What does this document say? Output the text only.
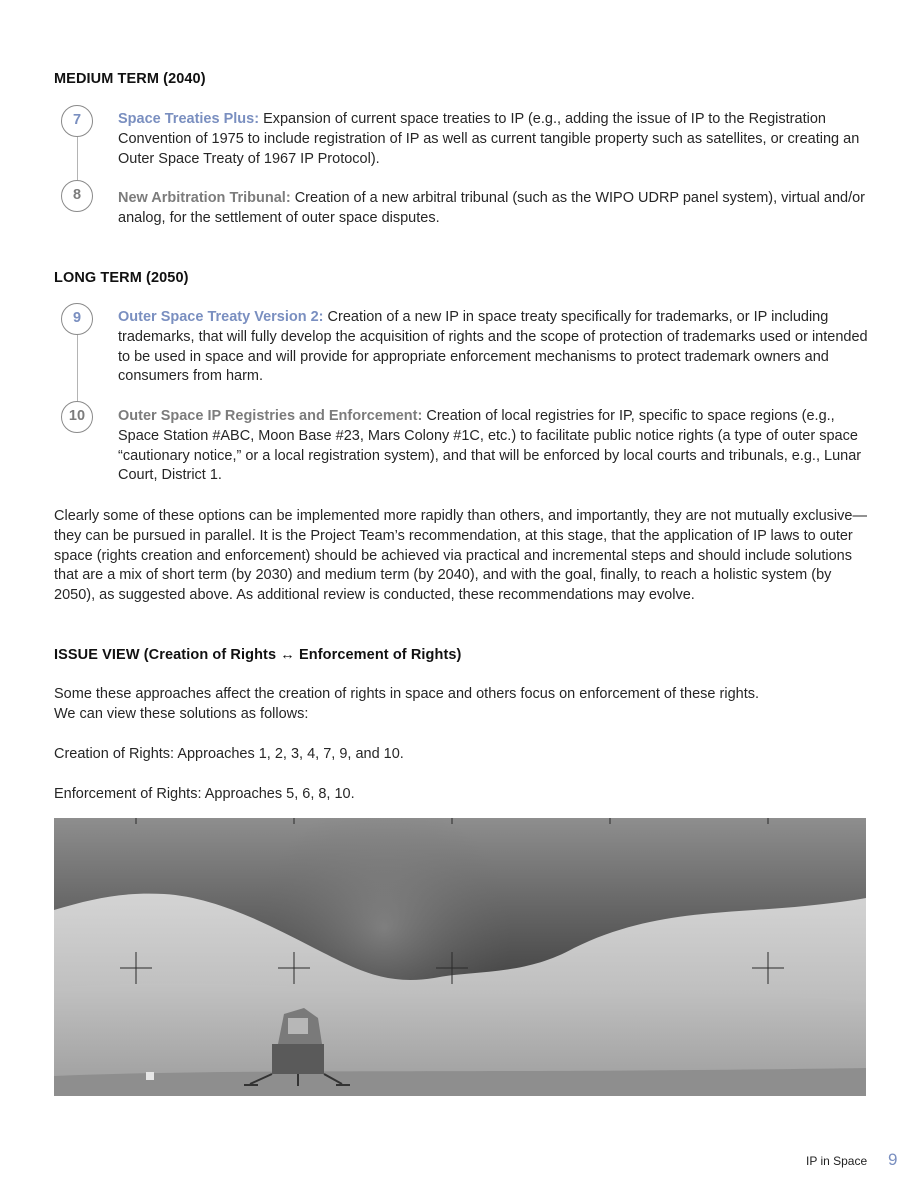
MEDIUM TERM (2040)
7	Space Treaties Plus: Expansion of current space treaties to IP (e.g., adding the issue of IP to the Registration Convention of 1975 to include registration of IP as well as current tangible property such as satellites, or creating an Outer Space Treaty of 1967 IP Protocol).

8	New Arbitration Tribunal: Creation of a new arbitral tribunal (such as the WIPO UDRP panel system), virtual and/or analog, for the settlement of outer space disputes.

LONG TERM (2050)
9	Outer Space Treaty Version 2: Creation of a new IP in space treaty specifically for trademarks, or IP including trademarks, that will fully develop the acquisition of rights and the scope of protection of trademarks used or intended to be used in space and will provide for appropriate enforcement mechanisms to protect trademark owners and consumers from harm.

10	Outer Space IP Registries and Enforcement: Creation of local registries for IP, specific to space regions (e.g., Space Station #ABC, Moon Base #23, Mars Colony #1C, etc.) to facilitate public notice rights (a type of outer space “cautionary notice,” or a local registration system), and that will be enforced by local courts and tribunals, e.g., Lunar Court, District 1.

Clearly some of these options can be implemented more rapidly than others, and importantly, they are not mutually exclusive—they can be pursued in parallel. It is the Project Team’s recommendation, at this stage, that the application of IP laws to outer space (rights creation and enforcement) should be achieved via practical and incremental steps and should include solutions that are a mix of short term (by 2030) and medium term (by 2040), and with the goal, finally, to reach a holistic system (by 2050), as suggested above. As additional review is conducted, these recommendations may evolve.

ISSUE VIEW (Creation of Rights ↔ Enforcement of Rights)

Some these approaches affect the creation of rights in space and others focus on enforcement of these rights.
We can view these solutions as follows:

Creation of Rights: Approaches 1, 2, 3, 4, 7, 9, and 10.

Enforcement of Rights: Approaches 5, 6, 8, 10.

IP in Space 9
